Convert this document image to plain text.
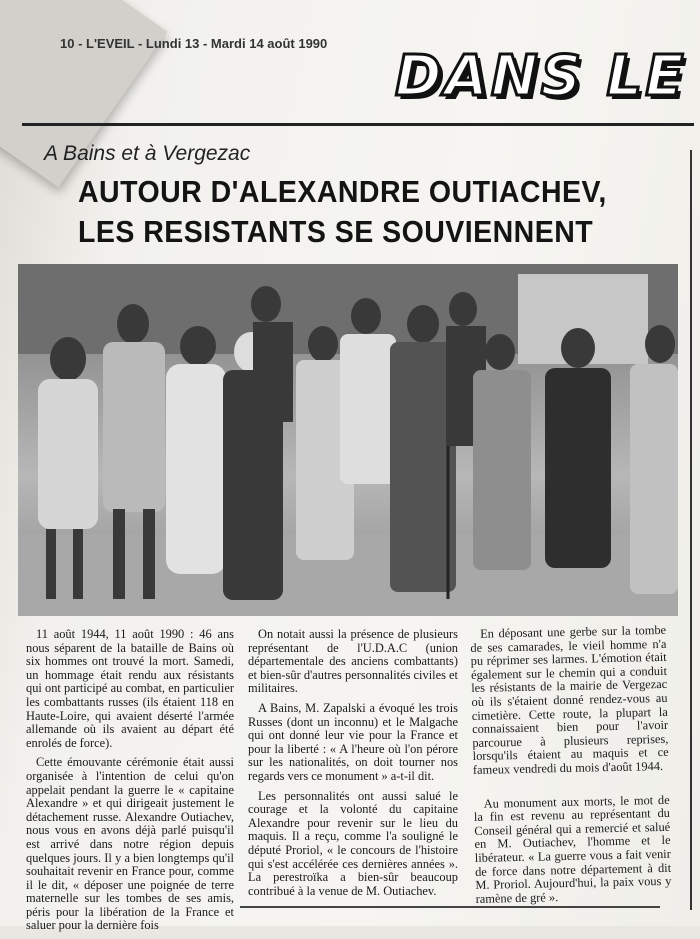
10 - L'EVEIL - Lundi 13 - Mardi 14 août 1990
DANS LE
A Bains et à Vergezac
AUTOUR D'ALEXANDRE OUTIACHEV,
LES RESISTANTS SE SOUVIENNENT

11 août 1944, 11 août 1990 : 46 ans nous séparent de la bataille de Bains où six hommes ont trouvé la mort. Samedi, un hommage était rendu aux résistants qui ont participé au combat, en particulier les combattants russes (ils étaient 118 en Haute-Loire, qui avaient déserté l'armée allemande où ils avaient au départ été enrolés de force).

Cette émouvante cérémonie était aussi organisée à l'intention de celui qu'on appelait pendant la guerre le « capitaine Alexandre » et qui dirigeait justement le détachement russe. Alexandre Outiachev, nous vous en avons déjà parlé puisqu'il est arrivé dans notre région depuis quelques jours. Il y a bien longtemps qu'il souhaitait revenir en France pour, comme il le dit, « déposer une poignée de terre maternelle sur les tombes de ses amis, péris pour la libération de la France et saluer pour la dernière fois

On notait aussi la présence de plusieurs représentant de l'U.D.A.C (union départementale des anciens combattants) et bien-sûr d'autres personnalités civiles et militaires.

A Bains, M. Zapalski a évoqué les trois Russes (dont un inconnu) et le Malgache qui ont donné leur vie pour la France et pour la liberté : « A l'heure où l'on pérore sur les nationalités, on doit tourner nos regards vers ce monument » a-t-il dit.

Les personnalités ont aussi salué le courage et la volonté du capitaine Alexandre pour revenir sur le lieu du maquis. Il a reçu, comme l'a souligné le député Proriol, « le concours de l'histoire qui s'est accélérée ces dernières années ». La perestroïka a bien-sûr beaucoup contribué à la venue de M. Outiachev.

En déposant une gerbe sur la tombe de ses camarades, le vieil homme n'a pu réprimer ses larmes. L'émotion était également sur le chemin qui a conduit les résistants de la mairie de Vergezac où ils s'étaient donné rendez-vous au cimetière. Cette route, la plupart la connaissaient bien pour l'avoir parcourue à plusieurs reprises, lorsqu'ils étaient au maquis et ce fameux vendredi du mois d'août 1944.

Au monument aux morts, le mot de la fin est revenu au représentant du Conseil général qui a remercié et salué en M. Outiachev, l'homme et le libérateur. « La guerre vous a fait venir de force dans notre département à dit M. Proriol. Aujourd'hui, la paix vous y ramène de gré ».
